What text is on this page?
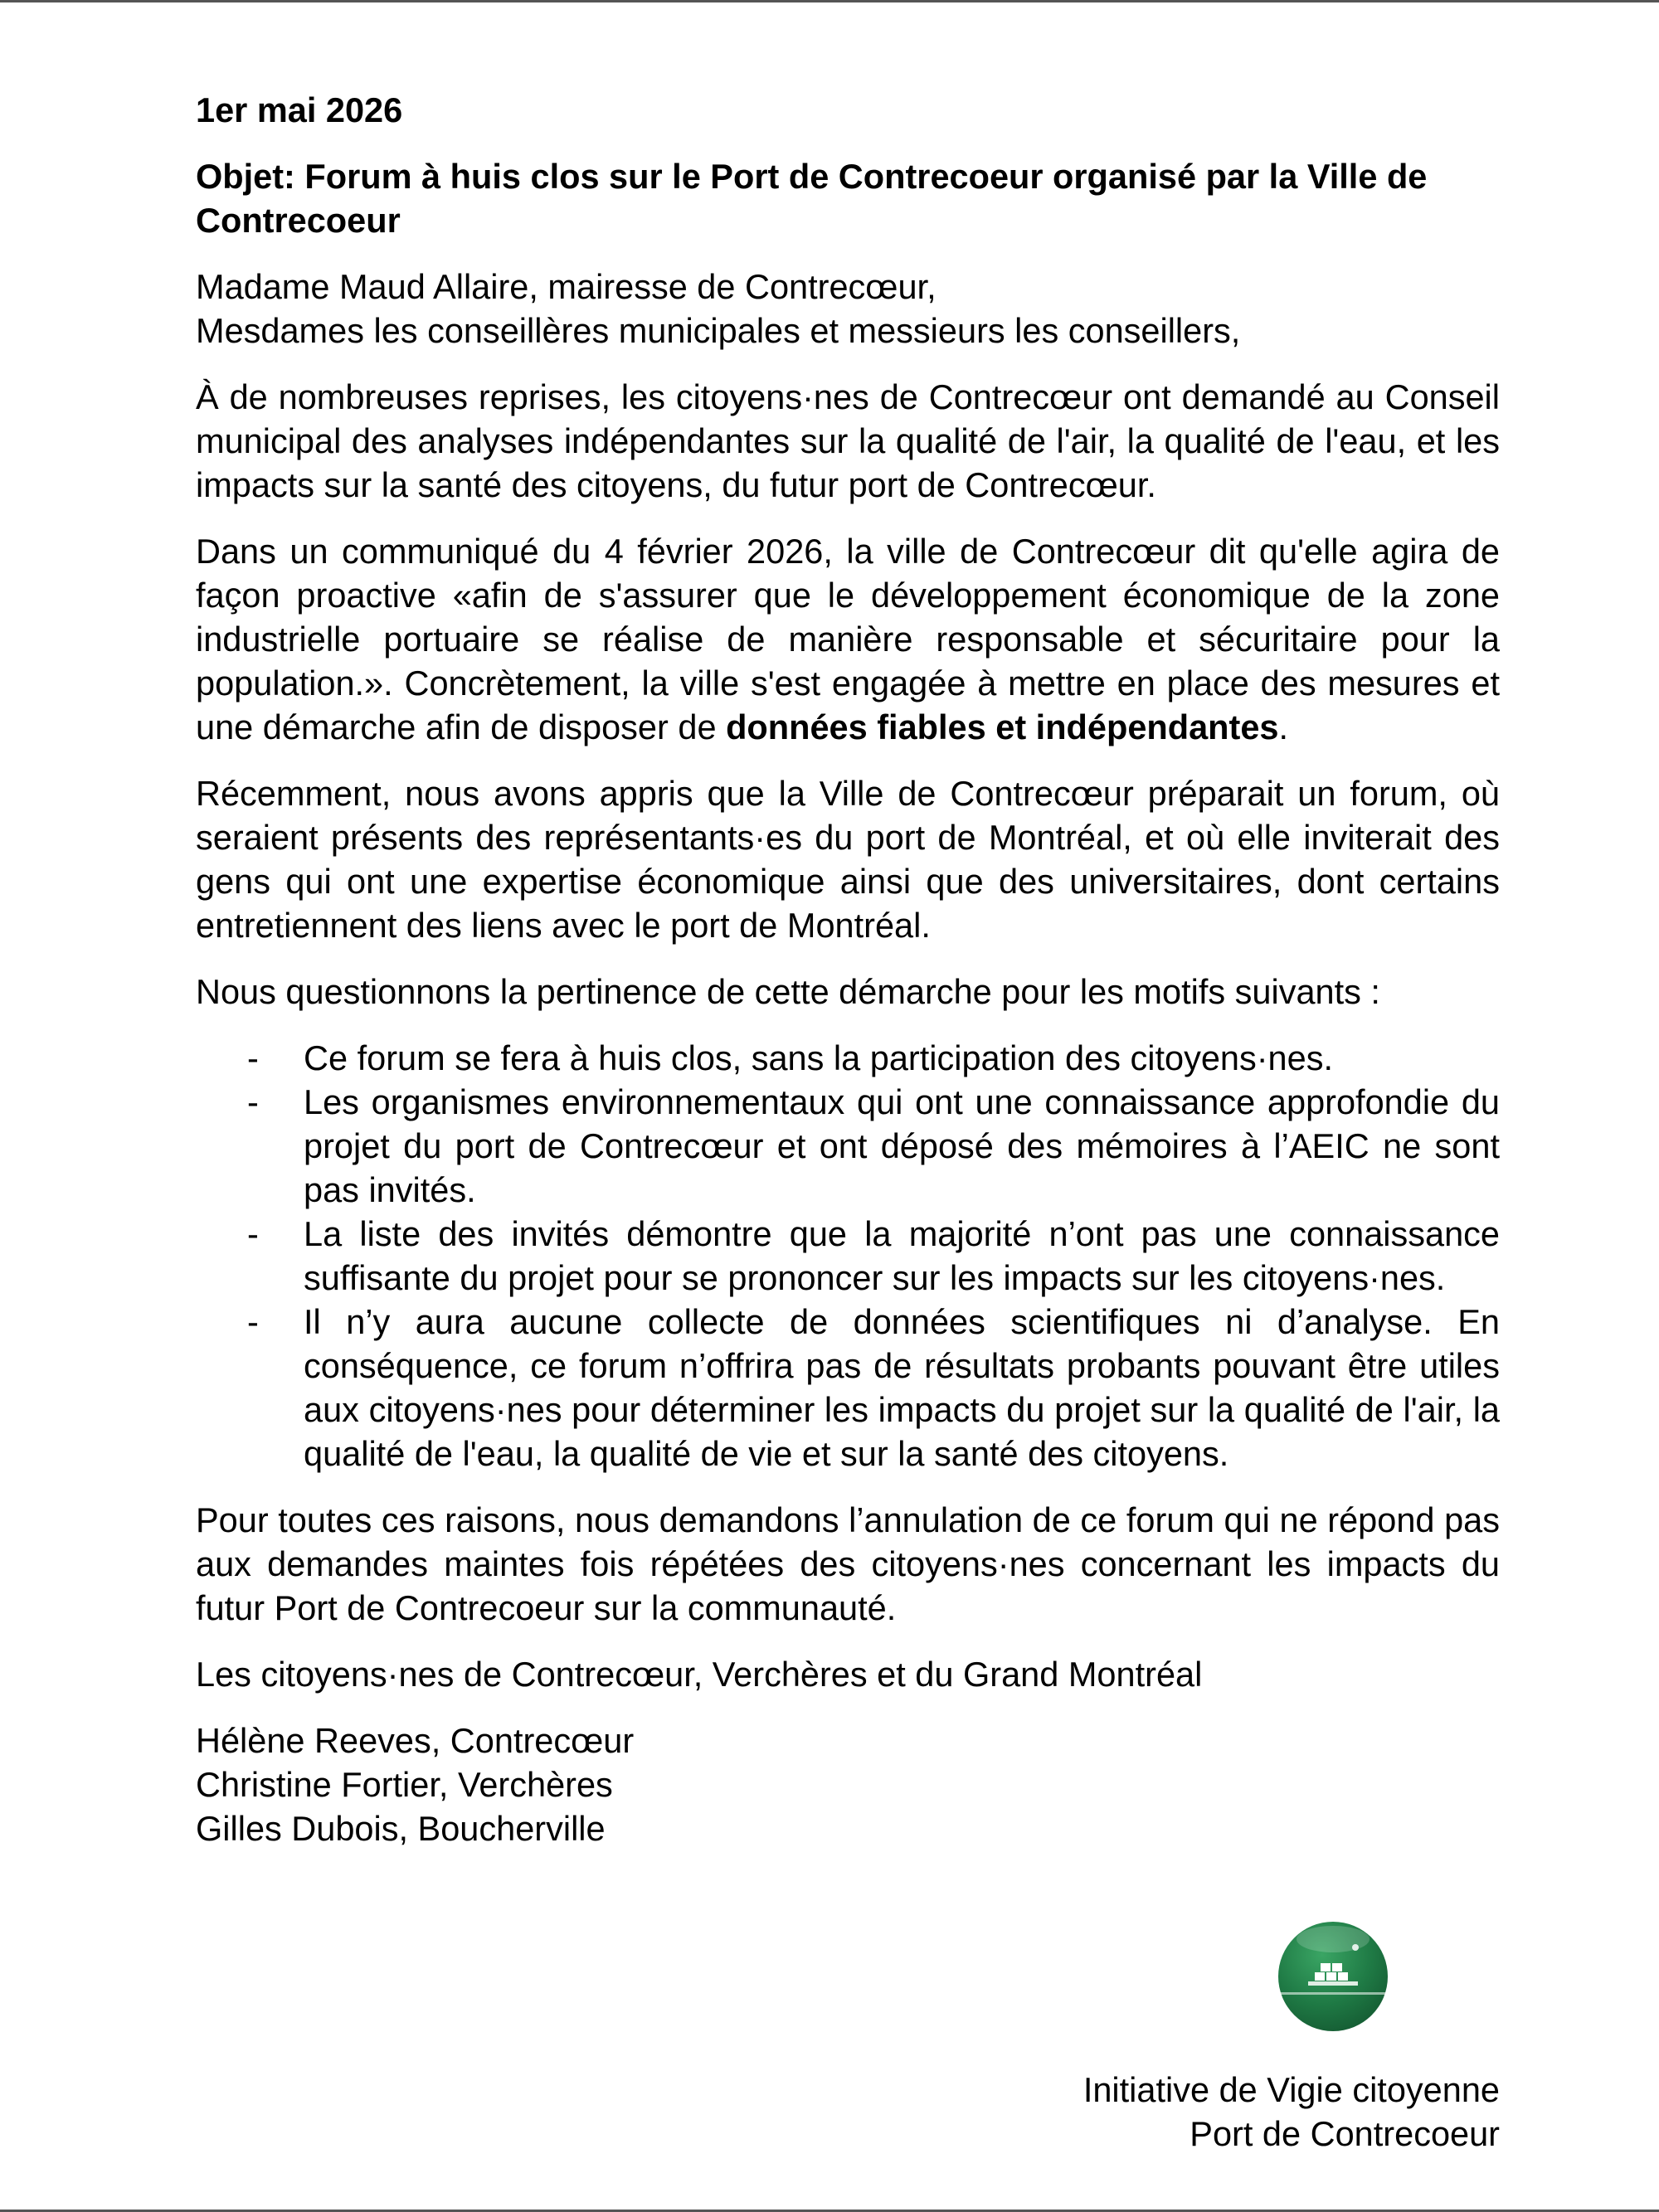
1er mai 2026

Objet: Forum à huis clos sur le Port de Contrecoeur organisé par la Ville de
Contrecoeur

Madame Maud Allaire, mairesse de Contrecœur,
Mesdames les conseillères municipales et messieurs les conseillers,

À de nombreuses reprises, les citoyens·nes de Contrecœur ont demandé au Conseil municipal des analyses indépendantes sur la qualité de l'air, la qualité de l'eau, et les impacts sur la santé des citoyens, du futur port de Contrecœur.

Dans un communiqué du 4 février 2026, la ville de Contrecœur dit qu'elle agira de façon proactive «afin de s'assurer que le développement économique de la zone industrielle portuaire se réalise de manière responsable et sécuritaire pour la population.». Concrètement, la ville s'est engagée à mettre en place des mesures et une démarche afin de disposer de données fiables et indépendantes.

Récemment, nous avons appris que la Ville de Contrecœur préparait un forum, où seraient présents des représentants·es du port de Montréal, et où elle inviterait des gens qui ont une expertise économique ainsi que des universitaires, dont certains entretiennent des liens avec le port de Montréal.

Nous questionnons la pertinence de cette démarche pour les motifs suivants :

- Ce forum se fera à huis clos, sans la participation des citoyens·nes.
- Les organismes environnementaux qui ont une connaissance approfondie du projet du port de Contrecœur et ont déposé des mémoires à l’AEIC ne sont pas invités.
- La liste des invités démontre que la majorité n’ont pas une connaissance suffisante du projet pour se prononcer sur les impacts sur les citoyens·nes.
- Il n’y aura aucune collecte de données scientifiques ni d’analyse. En conséquence, ce forum n’offrira pas de résultats probants pouvant être utiles aux citoyens·nes pour déterminer les impacts du projet sur la qualité de l'air, la qualité de l'eau, la qualité de vie et sur la santé des citoyens.

Pour toutes ces raisons, nous demandons l’annulation de ce forum qui ne répond pas aux demandes maintes fois répétées des citoyens·nes concernant les impacts du futur Port de Contrecoeur sur la communauté.

Les citoyens·nes de Contrecœur, Verchères et du Grand Montréal

Hélène Reeves, Contrecœur
Christine Fortier, Verchères
Gilles Dubois, Boucherville

Initiative de Vigie citoyenne
Port de Contrecoeur
